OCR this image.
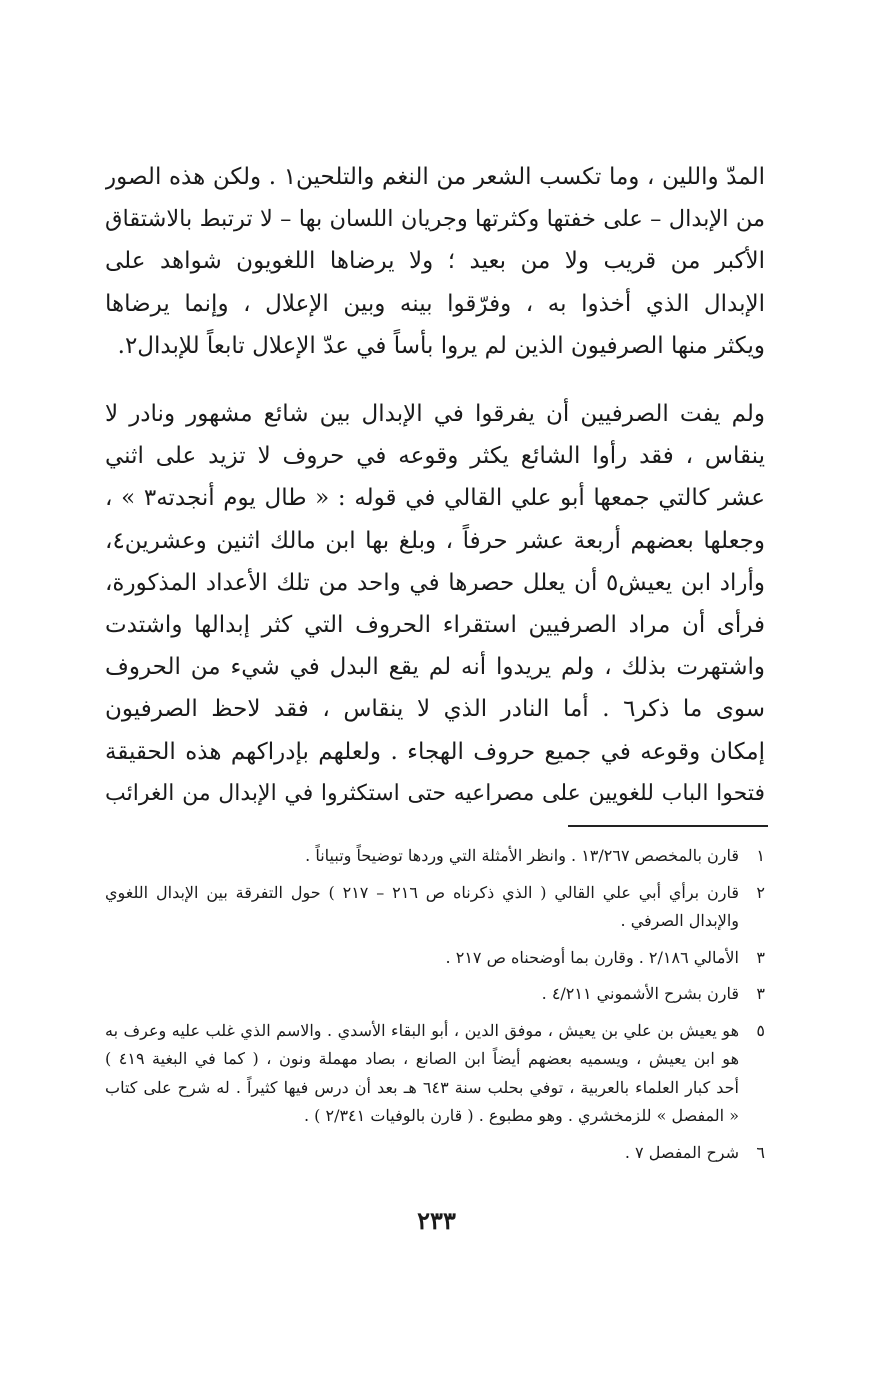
المدّ واللين ، وما تكسب الشعر من النغم والتلحين١ . ولكن هذه الصور
من الإبدال – على خفتها وكثرتها وجريان اللسان بها – لا ترتبط بالاشتقاق
الأكبر من قريب ولا من بعيد ؛ ولا يرضاها اللغويون شواهد على
الإبدال الذي أخذوا به ، وفرّقوا بينه وبين الإعلال ، وإنما يرضاها
ويكثر منها الصرفيون الذين لم يروا بأساً في عدّ الإعلال تابعاً للإبدال٢.
ولم يفت الصرفيين أن يفرقوا في الإبدال بين شائع مشهور ونادر لا
ينقاس ، فقد رأوا الشائع يكثر وقوعه في حروف لا تزيد على اثني
عشر كالتي جمعها أبو علي القالي في قوله : « طال يوم أنجدته٣ » ،
وجعلها بعضهم أربعة عشر حرفاً ، وبلغ بها ابن مالك اثنين وعشرين٤،
وأراد ابن يعيش٥ أن يعلل حصرها في واحد من تلك الأعداد المذكورة،
فرأى أن مراد الصرفيين استقراء الحروف التي كثر إبدالها واشتدت
واشتهرت بذلك ، ولم يريدوا أنه لم يقع البدل في شيء من الحروف
سوى ما ذكر٦ . أما النادر الذي لا ينقاس ، فقد لاحظ الصرفيون
إمكان وقوعه في جميع حروف الهجاء . ولعلهم بإدراكهم هذه الحقيقة
فتحوا الباب للغويين على مصراعيه حتى استكثروا في الإبدال من الغرائب
١
قارن بالمخصص ١٣/٢٦٧ . وانظر الأمثلة التي وردها توضيحاً وتبياناً .
٢
قارن برأي أبي علي القالي ( الذي ذكرناه ص ٢١٦ – ٢١٧ ) حول التفرقة بين الإبدال اللغوي
والإبدال الصرفي .
٣
الأمالي ٢/١٨٦ . وقارن بما أوضحناه ص ٢١٧ .
٣
قارن بشرح الأشموني ٤/٢١١ .
٥
هو يعيش بن علي بن يعيش ، موفق الدين ، أبو البقاء الأسدي . والاسم الذي غلب عليه وعرف به
هو ابن يعيش ، ويسميه بعضهم أيضاً ابن الصانع ، بصاد مهملة ونون ، ( كما في البغية ٤١٩ )
أحد كبار العلماء بالعربية ، توفي بحلب سنة ٦٤٣ هـ بعد أن درس فيها كثيراً . له شرح على كتاب
« المفصل » للزمخشري . وهو مطبوع . ( قارن بالوفيات ٢/٣٤١ ) .
٦
شرح المفصل ٧ .
٢٣٣
